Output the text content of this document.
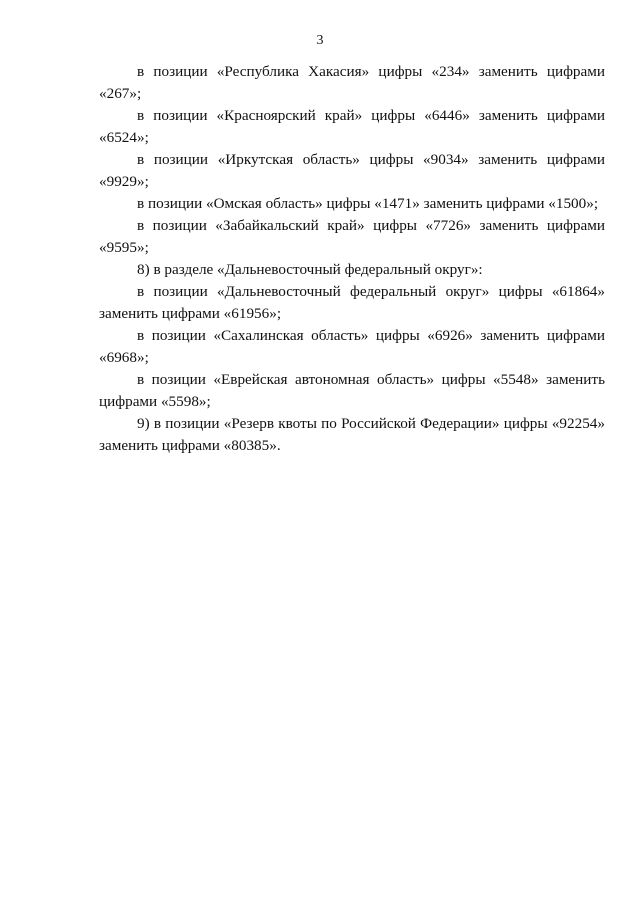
3

в позиции «Республика Хакасия» цифры «234» заменить цифрами «267»;

в позиции «Красноярский край» цифры «6446» заменить цифрами «6524»;

в позиции «Иркутская область» цифры «9034» заменить цифрами «9929»;

в позиции «Омская область» цифры «1471» заменить цифрами «1500»;

в позиции «Забайкальский край» цифры «7726» заменить цифрами «9595»;

8) в разделе «Дальневосточный федеральный округ»:

в позиции «Дальневосточный федеральный округ» цифры «61864» заменить цифрами «61956»;

в позиции «Сахалинская область» цифры «6926» заменить цифрами «6968»;

в позиции «Еврейская автономная область» цифры «5548» заменить цифрами «5598»;

9) в позиции «Резерв квоты по Российской Федерации» цифры «92254» заменить цифрами «80385».
